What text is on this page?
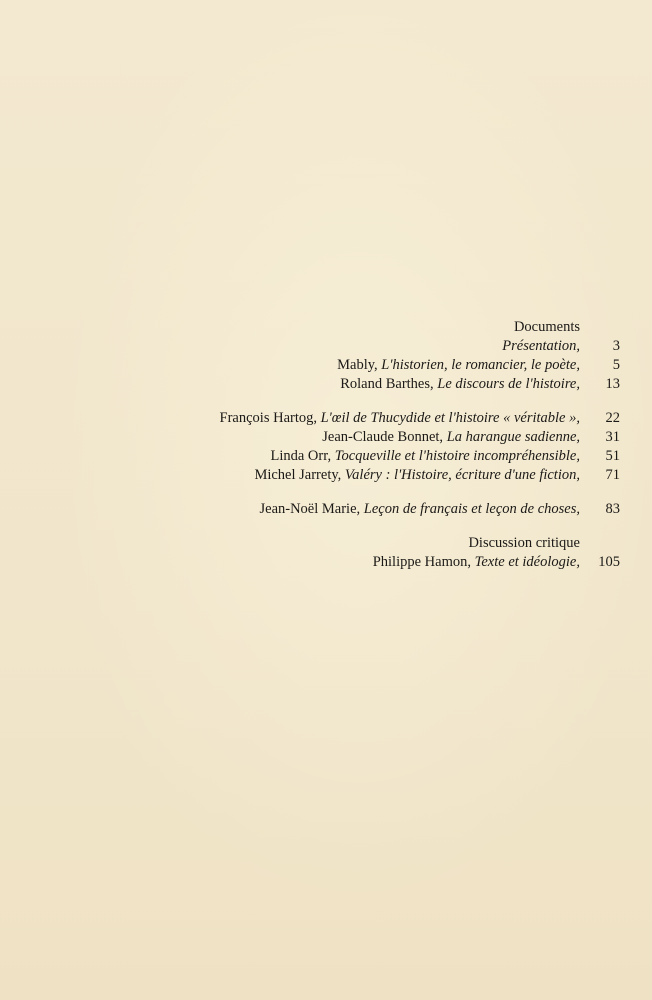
Documents
Présentation, 3
Mably, L'historien, le romancier, le poète, 5
Roland Barthes, Le discours de l'histoire, 13
François Hartog, L'œil de Thucydide et l'histoire « véritable », 22
Jean-Claude Bonnet, La harangue sadienne, 31
Linda Orr, Tocqueville et l'histoire incompréhensible, 51
Michel Jarrety, Valéry : l'Histoire, écriture d'une fiction, 71
Jean-Noël Marie, Leçon de français et leçon de choses, 83
Discussion critique
Philippe Hamon, Texte et idéologie, 105
